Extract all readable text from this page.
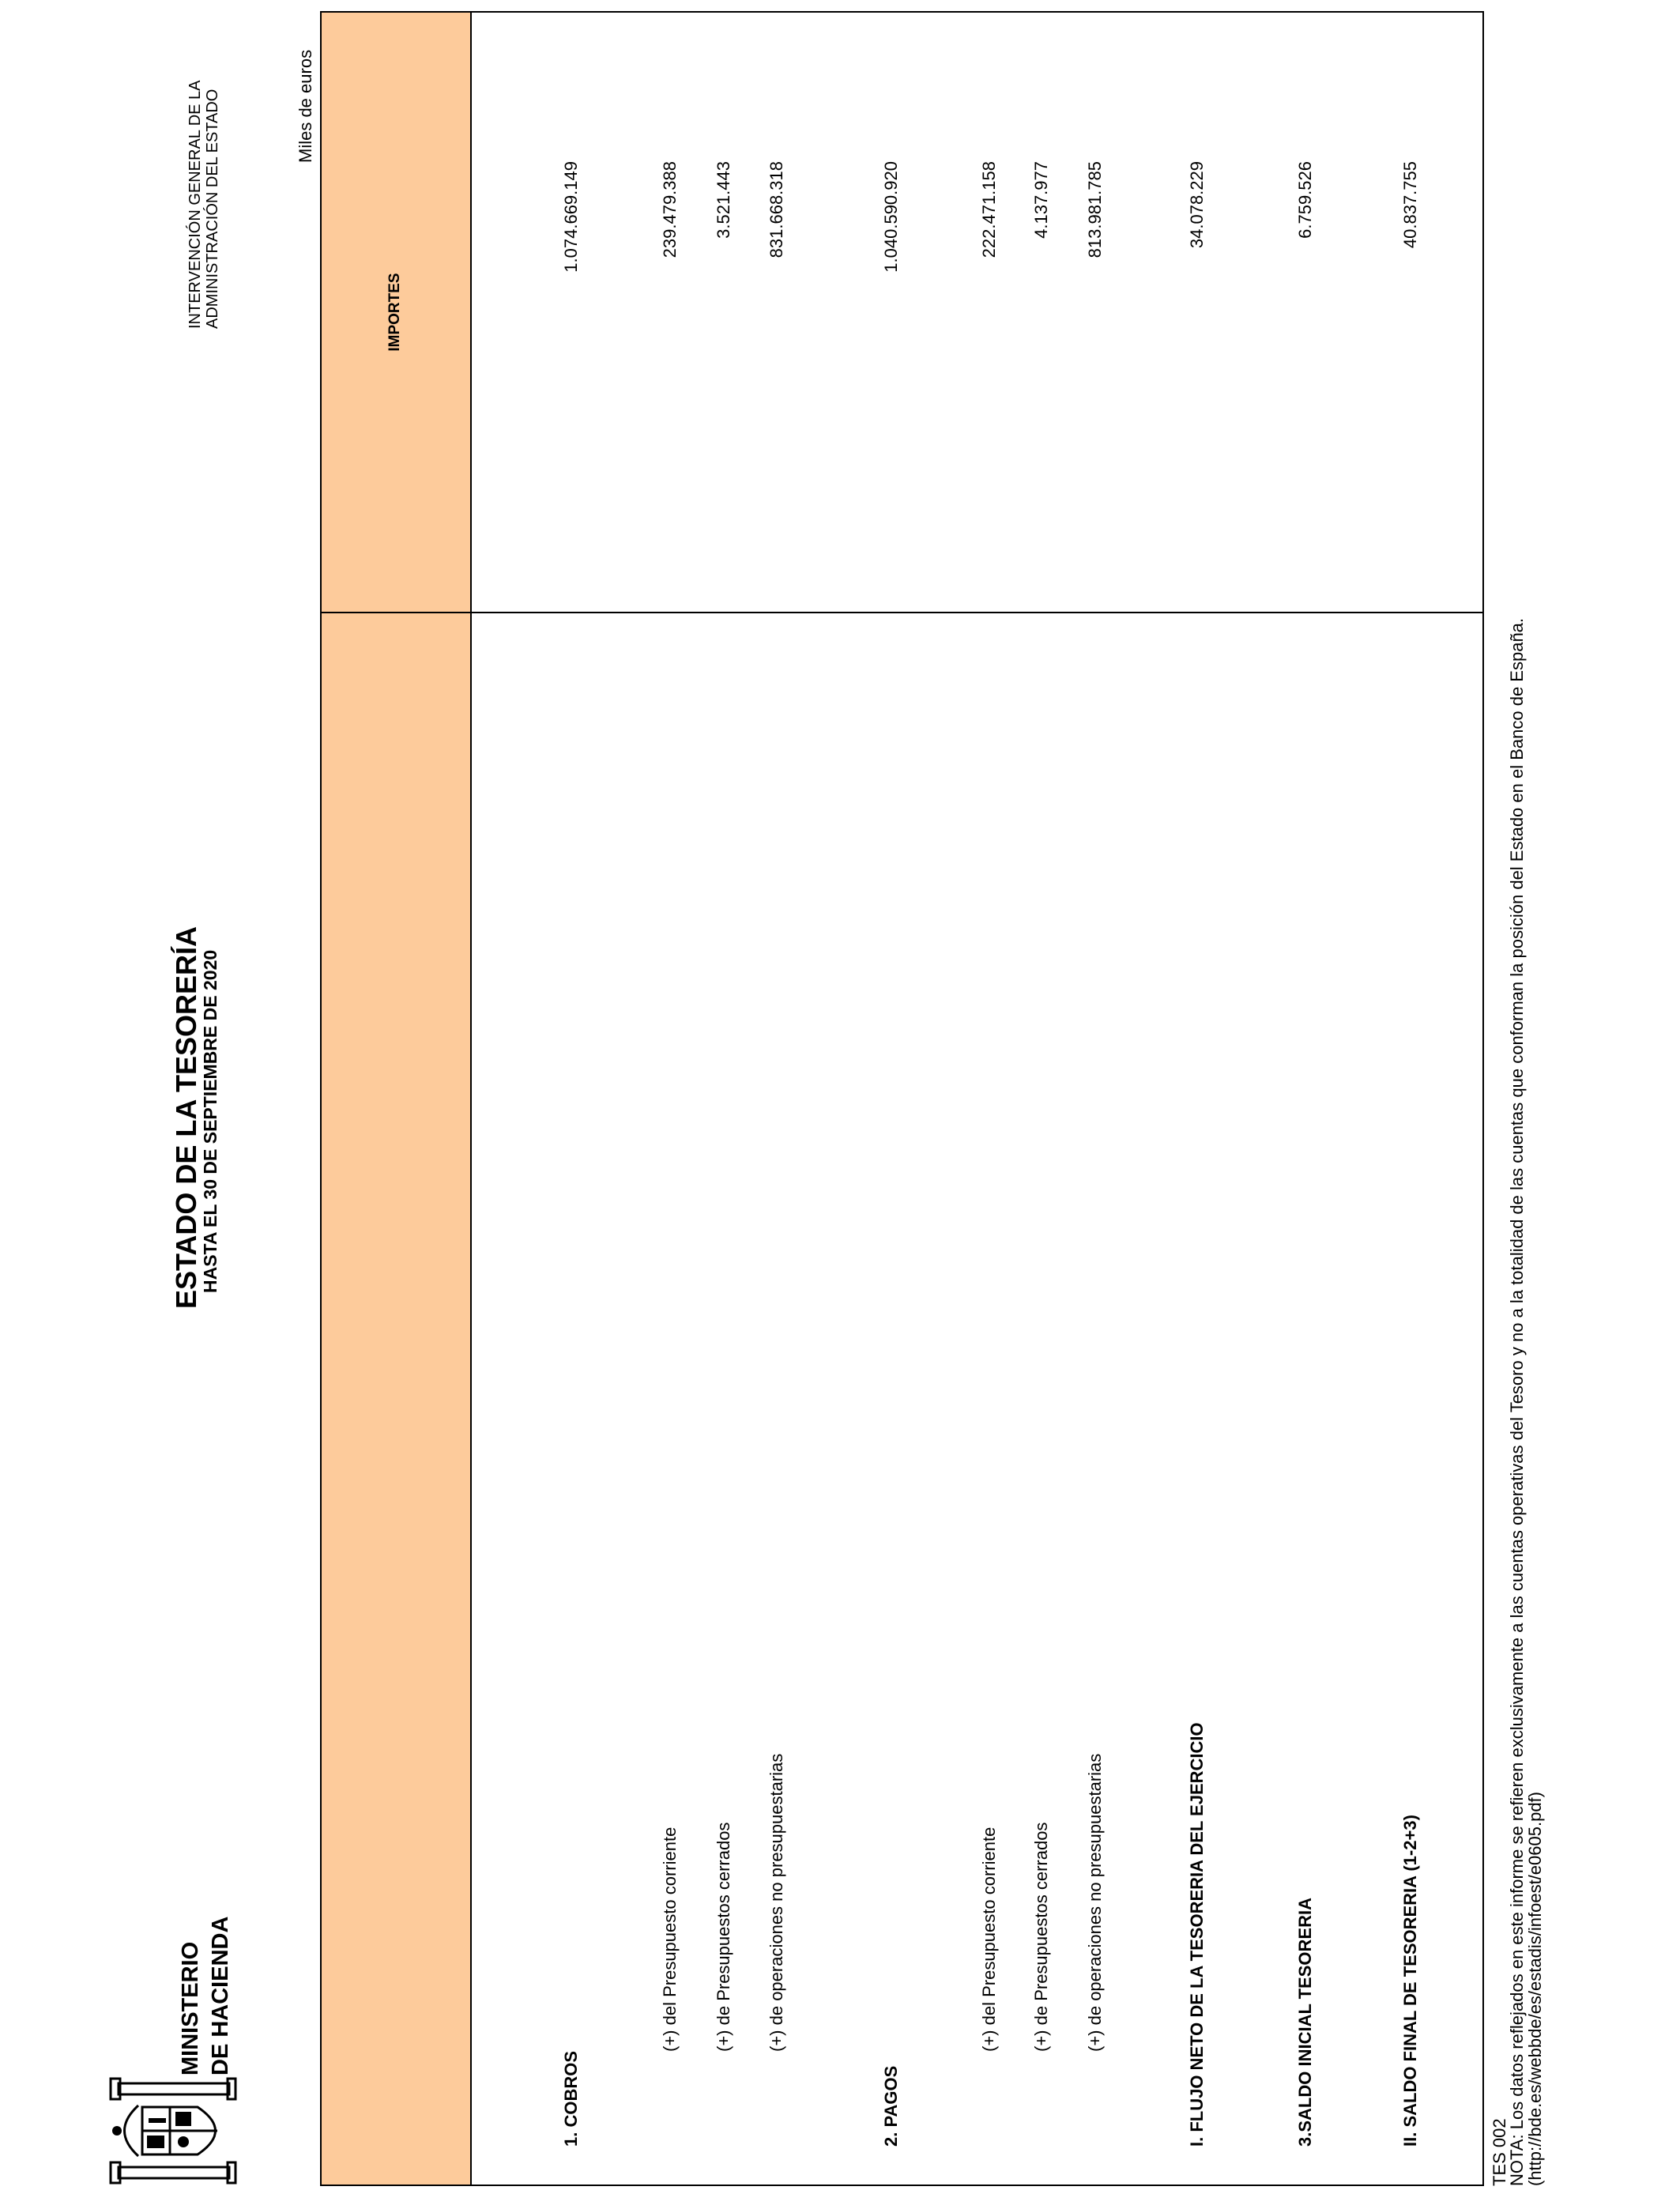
MINISTERIO DE HACIENDA
ESTADO DE LA TESORERÍA
HASTA EL 30 DE SEPTIEMBRE DE 2020
INTERVENCIÓN GENERAL DE LA ADMINISTRACIÓN DEL ESTADO	Miles de euros
IMPORTES
1. COBROS
1.074.669.149
(+) del Presupuesto corriente
239.479.388
(+) de Presupuestos cerrados
3.521.443
(+) de operaciones no presupuestarias
831.668.318
2. PAGOS
1.040.590.920
(+) del Presupuesto corriente
222.471.158
(+) de Presupuestos cerrados
4.137.977
(+) de operaciones no presupuestarias
813.981.785
I. FLUJO NETO DE LA TESORERIA DEL EJERCICIO
34.078.229
3.SALDO INICIAL TESORERIA
6.759.526
II. SALDO FINAL DE TESORERIA (1-2+3)
40.837.755
TES 002
NOTA: Los datos reflejados en este informe se refieren exclusivamente a las cuentas operativas del Tesoro y no a la totalidad de las cuentas que conforman la posición del Estado en el Banco de España.
(http://bde.es/webbde/es/estadis/infoest/e0605.pdf)
